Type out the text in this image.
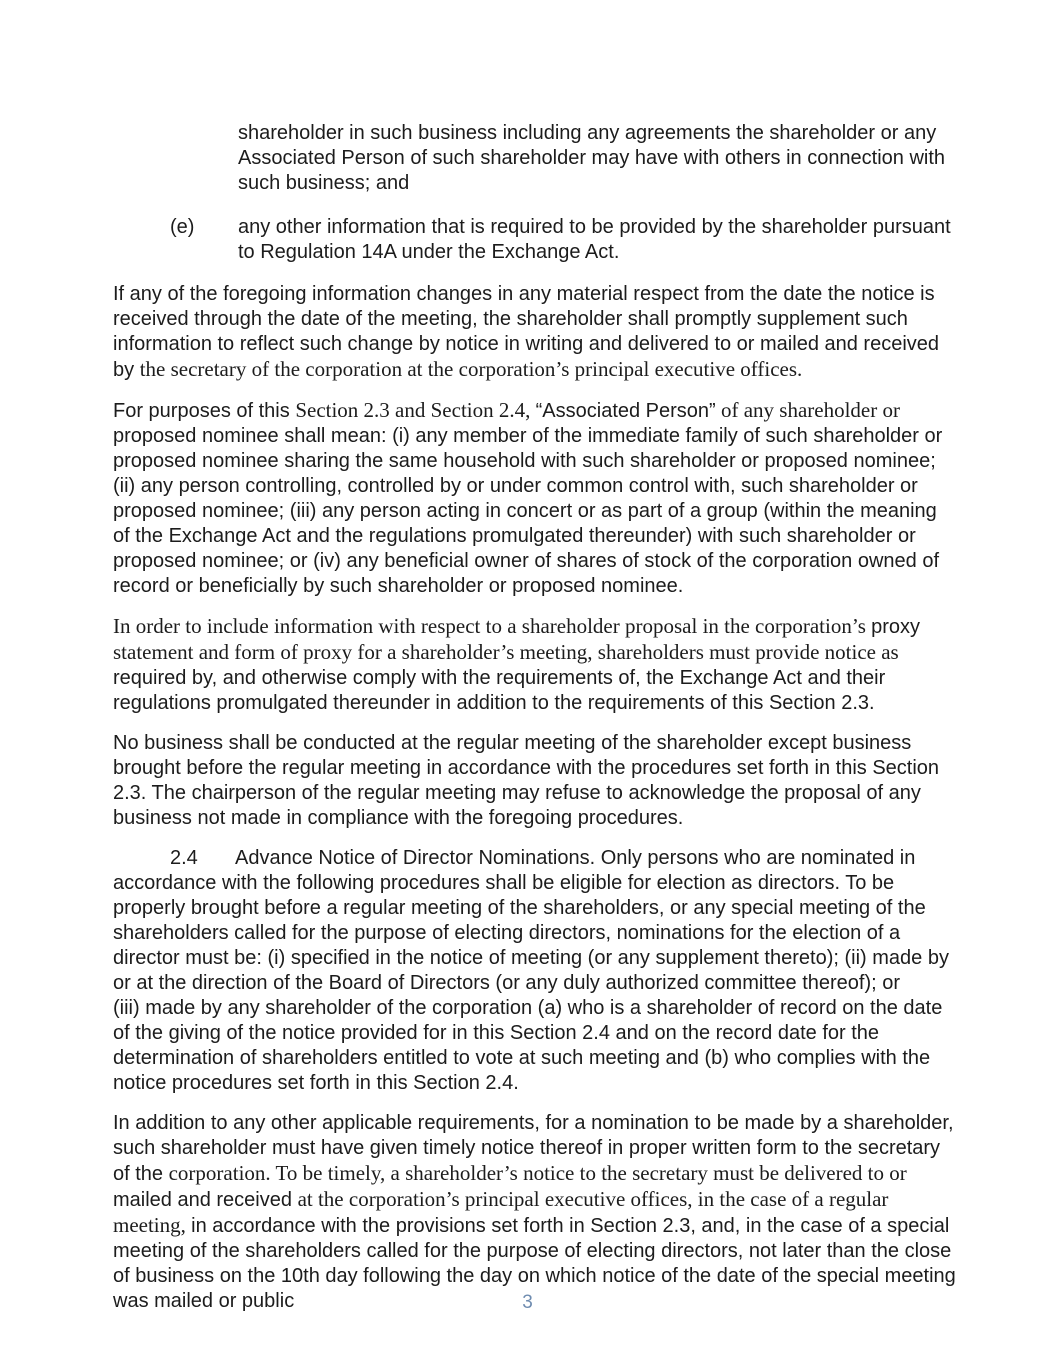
shareholder in such business including any agreements the shareholder or any Associated Person of such shareholder may have with others in connection with such business; and

(e) any other information that is required to be provided by the shareholder pursuant to Regulation 14A under the Exchange Act.

If any of the foregoing information changes in any material respect from the date the notice is received through the date of the meeting, the shareholder shall promptly supplement such information to reflect such change by notice in writing and delivered to or mailed and received by the secretary of the corporation at the corporation’s principal executive offices.

For purposes of this Section 2.3 and Section 2.4, “Associated Person” of any shareholder or proposed nominee shall mean: (i) any member of the immediate family of such shareholder or proposed nominee sharing the same household with such shareholder or proposed nominee; (ii) any person controlling, controlled by or under common control with, such shareholder or proposed nominee; (iii) any person acting in concert or as part of a group (within the meaning of the Exchange Act and the regulations promulgated thereunder) with such shareholder or proposed nominee; or (iv) any beneficial owner of shares of stock of the corporation owned of record or beneficially by such shareholder or proposed nominee.

In order to include information with respect to a shareholder proposal in the corporation’s proxy statement and form of proxy for a shareholder’s meeting, shareholders must provide notice as required by, and otherwise comply with the requirements of, the Exchange Act and their regulations promulgated thereunder in addition to the requirements of this Section 2.3.

No business shall be conducted at the regular meeting of the shareholder except business brought before the regular meeting in accordance with the procedures set forth in this Section 2.3. The chairperson of the regular meeting may refuse to acknowledge the proposal of any business not made in compliance with the foregoing procedures.

2.4 Advance Notice of Director Nominations. Only persons who are nominated in accordance with the following procedures shall be eligible for election as directors. To be properly brought before a regular meeting of the shareholders, or any special meeting of the shareholders called for the purpose of electing directors, nominations for the election of a director must be: (i) specified in the notice of meeting (or any supplement thereto); (ii) made by or at the direction of the Board of Directors (or any duly authorized committee thereof); or
(iii) made by any shareholder of the corporation (a) who is a shareholder of record on the date of the giving of the notice provided for in this Section 2.4 and on the record date for the determination of shareholders entitled to vote at such meeting and (b) who complies with the notice procedures set forth in this Section 2.4.

In addition to any other applicable requirements, for a nomination to be made by a shareholder, such shareholder must have given timely notice thereof in proper written form to the secretary of the corporation. To be timely, a shareholder’s notice to the secretary must be delivered to or mailed and received at the corporation’s principal executive offices, in the case of a regular meeting, in accordance with the provisions set forth in Section 2.3, and, in the case of a special meeting of the shareholders called for the purpose of electing directors, not later than the close of business on the 10th day following the day on which notice of the date of the special meeting was mailed or public	3
